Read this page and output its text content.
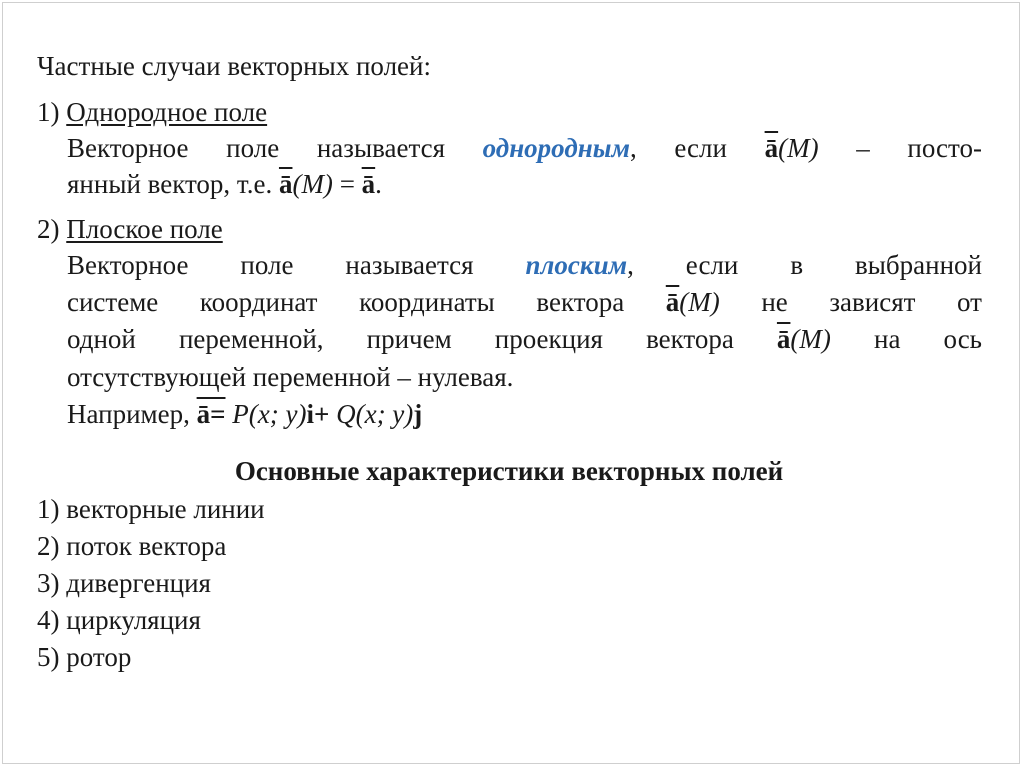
Частные случаи векторных полей:
1) Однородное поле
Векторное поле называется однородным, если $\overline{ā}(M)$ – посто-
янный вектор, т.е. $\overline{ā}(M) = \overline{ā}$.
2) Плоское поле
Векторное поле называется плоским, если в выбранной
системе координат координаты вектора $\overline{ā}(M)$ не зависят от
одной переменной, причем проекция вектора $\overline{ā}(M)$ на ось
отсутствующей переменной – нулевая.
Например, ā= P(x; y)i+ Q(x; y)j
Основные характеристики векторных полей
1) векторные линии
2) поток вектора
3) дивергенция
4) циркуляция
5) ротор
